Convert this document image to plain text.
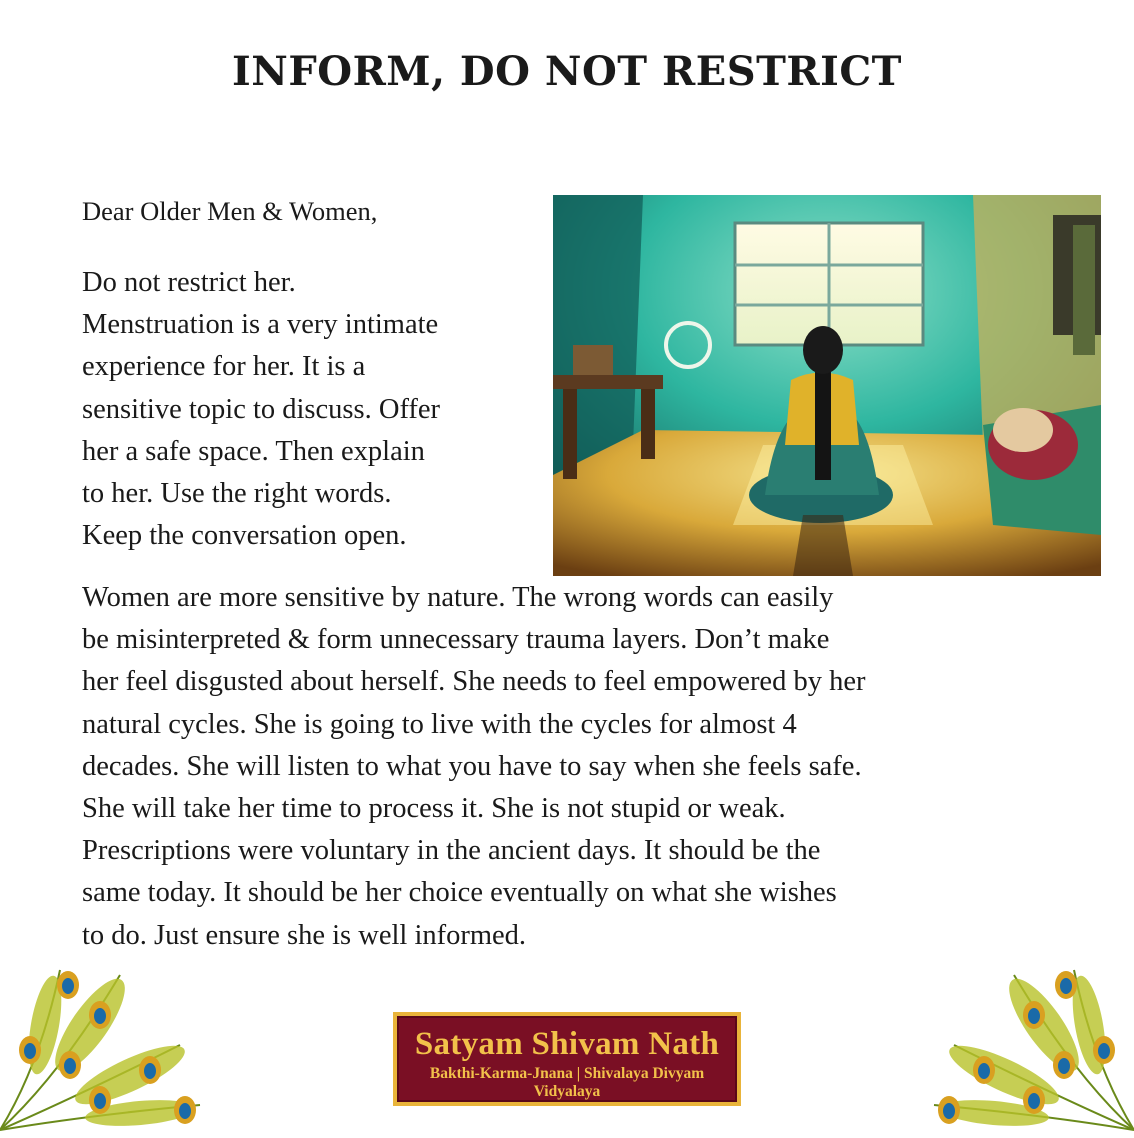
INFORM, DO NOT RESTRICT
Dear Older Men & Women,
Do not restrict her.
Menstruation is a very intimate
experience for her. It is a
sensitive topic to discuss. Offer
her a safe space. Then explain
to her. Use the right words.
Keep the conversation open.
Women are more sensitive by nature. The wrong words can easily
be misinterpreted & form unnecessary trauma layers. Don’t make
her feel disgusted about herself. She needs to feel empowered by her
natural cycles. She is going to live with the cycles for almost 4
decades. She will listen to what you have to say when she feels safe.
She will take her time to process it. She is not stupid or weak.
Prescriptions were voluntary in the ancient days. It should be the
same today. It should be her choice eventually on what she wishes
to do. Just ensure she is well informed.
Satyam Shivam Nath
Bakthi-Karma-Jnana | Shivalaya Divyam Vidyalaya
